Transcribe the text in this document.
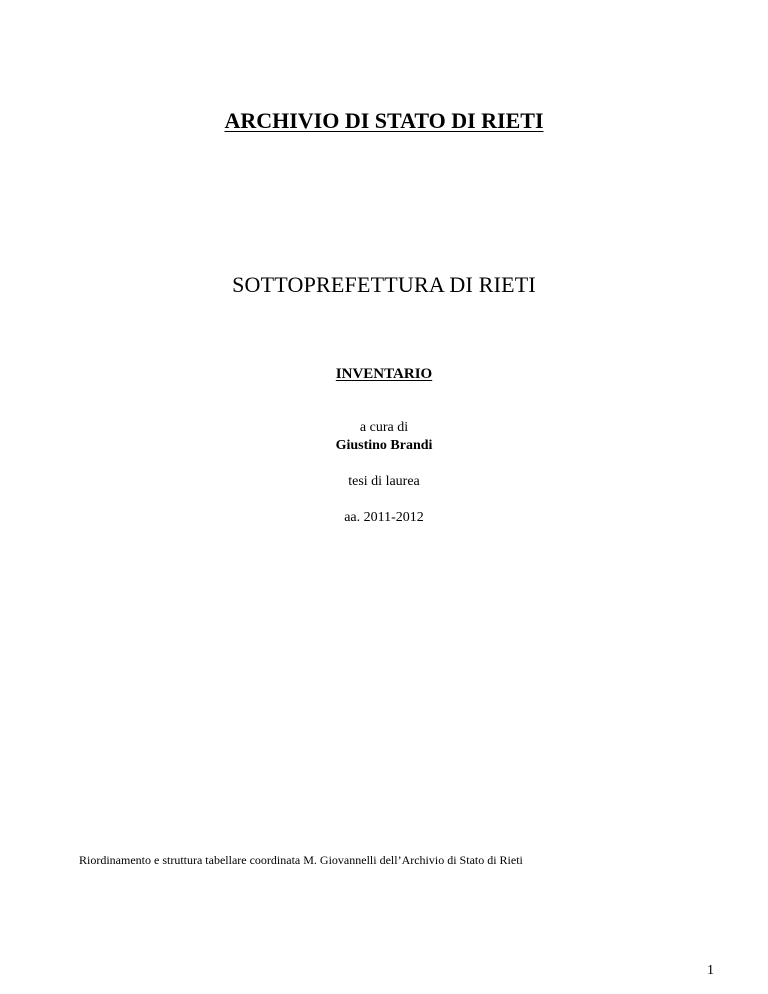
ARCHIVIO DI STATO DI RIETI

SOTTOPREFETTURA DI RIETI

INVENTARIO

a cura di

Giustino Brandi

tesi di laurea

aa. 2011-2012

Riordinamento e struttura tabellare coordinata M. Giovannelli dell’Archivio di Stato di Rieti

1
